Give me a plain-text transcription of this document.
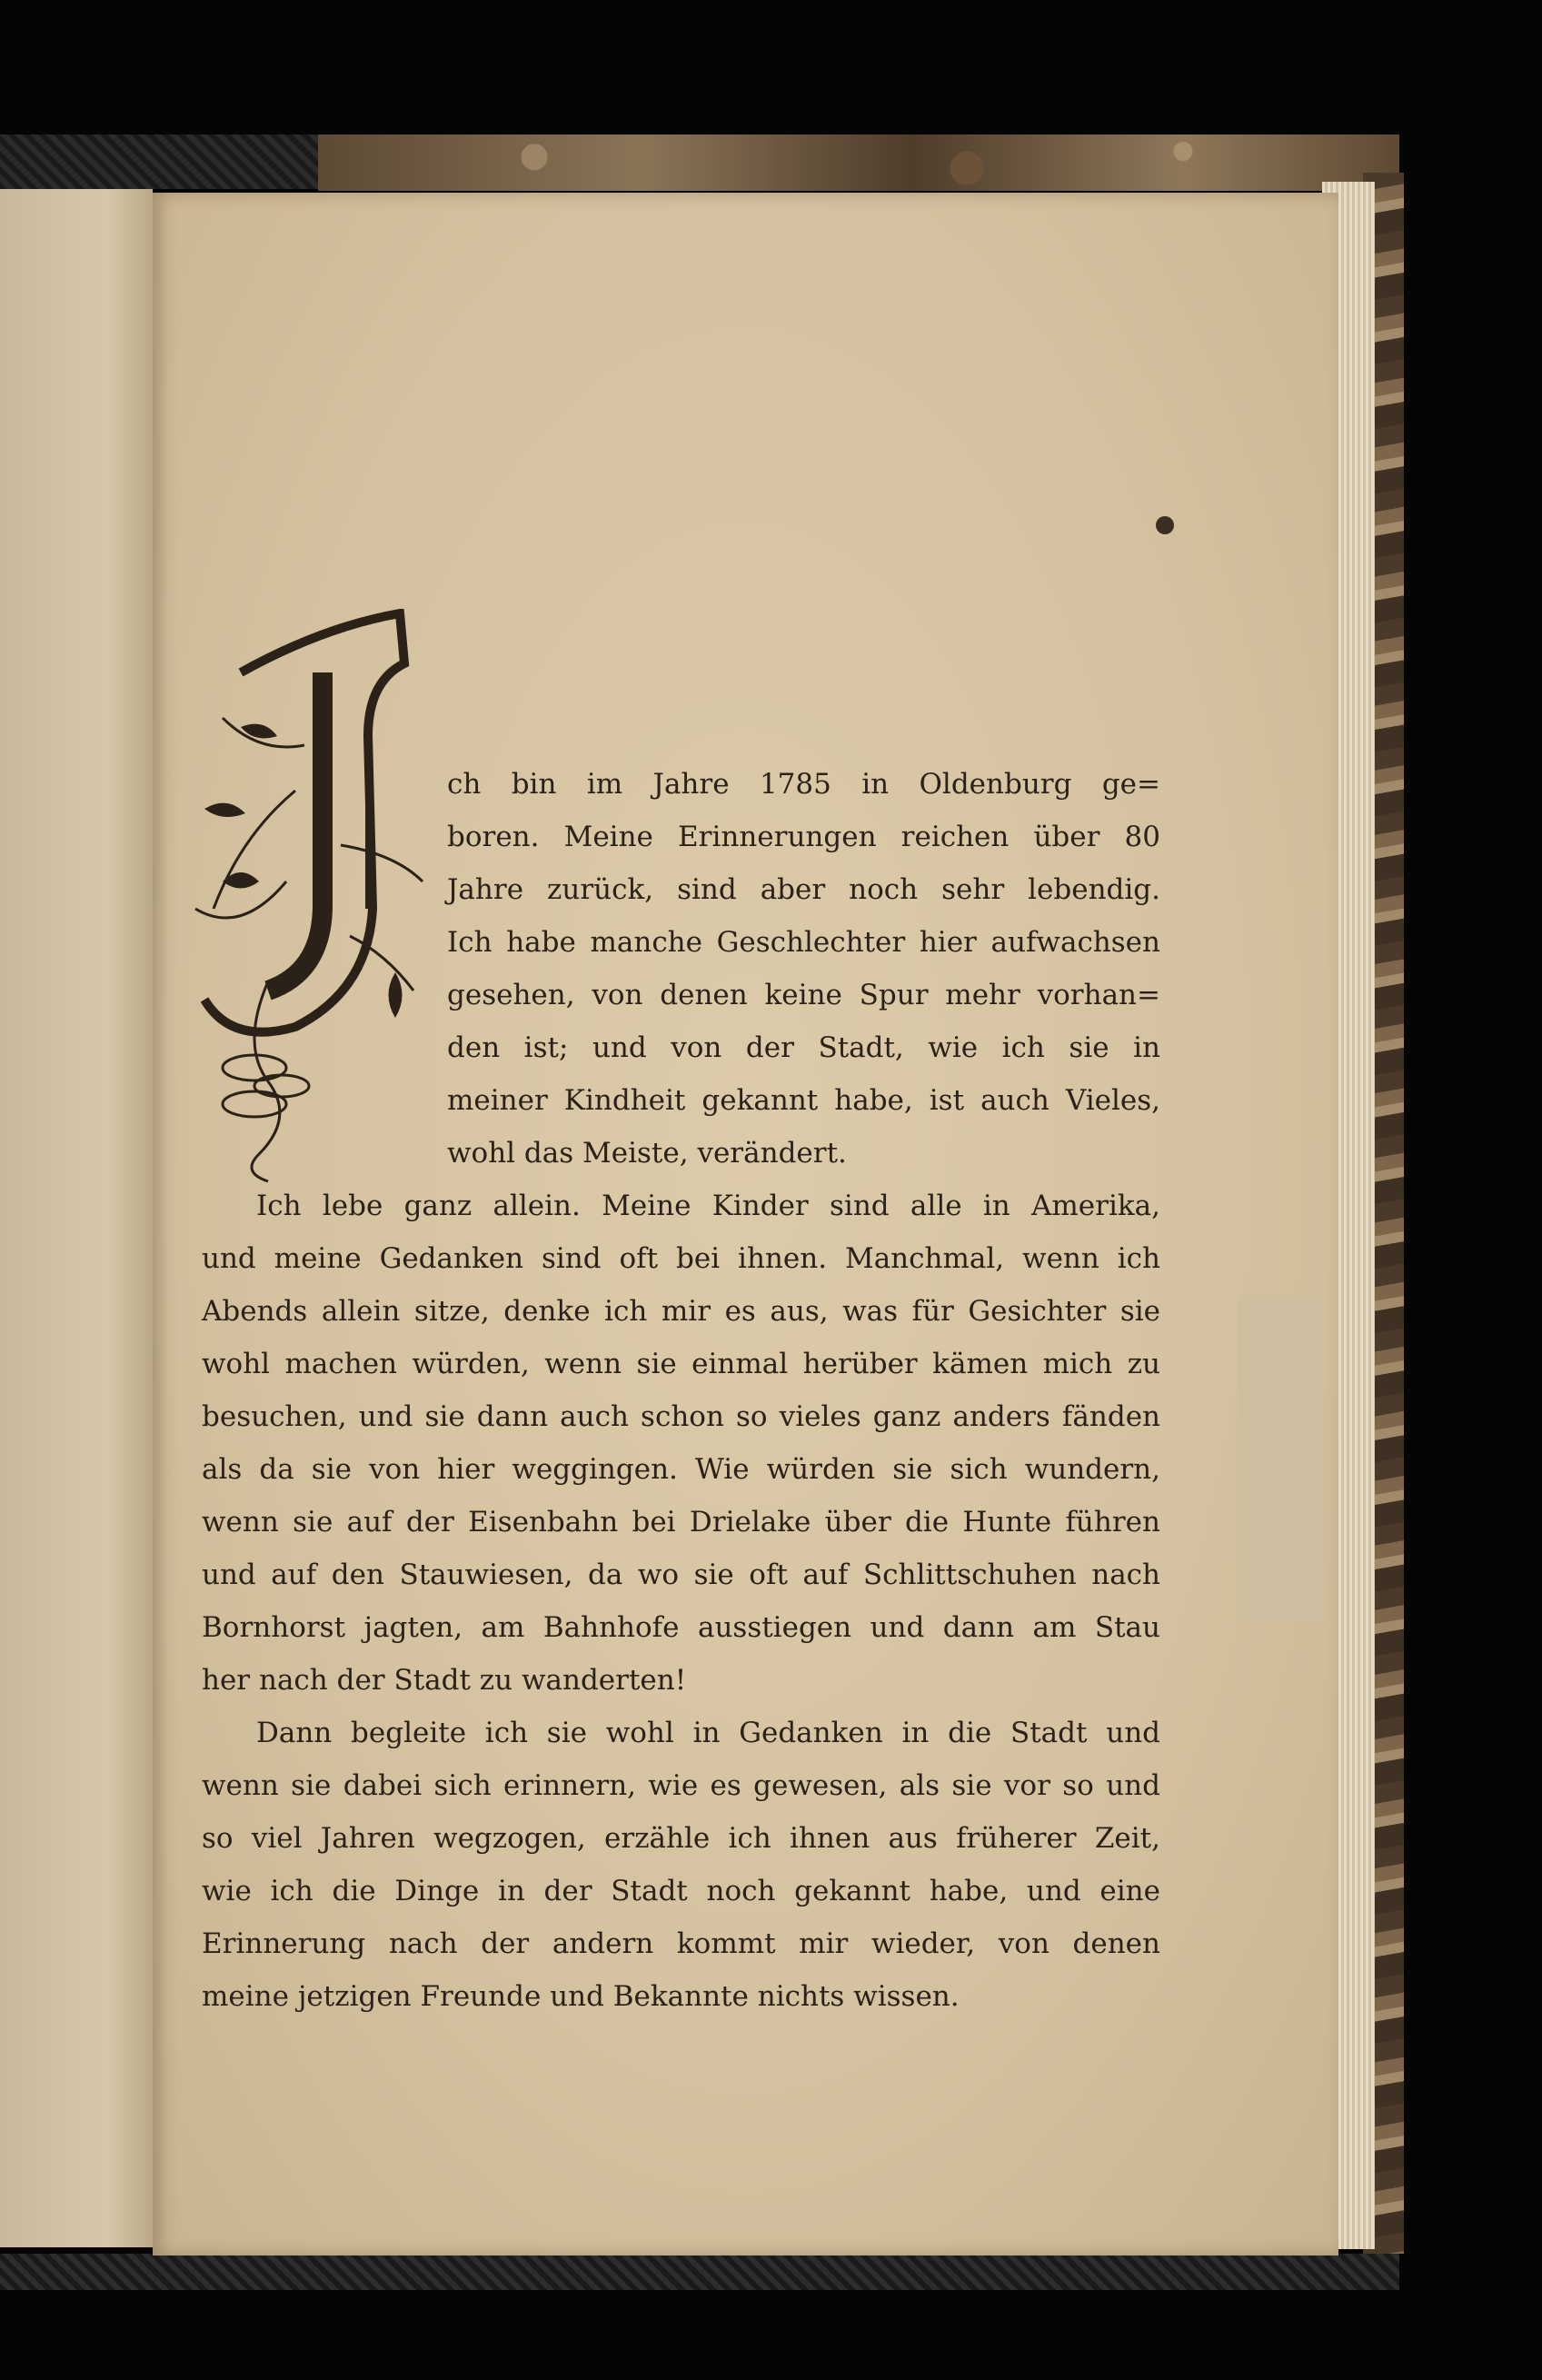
ch bin im Jahre 1785 in Oldenburg ge=
boren. Meine Erinnerungen reichen über 80
Jahre zurück, sind aber noch sehr lebendig.
Ich habe manche Geschlechter hier aufwachsen
gesehen, von denen keine Spur mehr vorhan=
den ist; und von der Stadt, wie ich sie in
meiner Kindheit gekannt habe, ist auch Vieles,
wohl das Meiste, verändert.
Ich lebe ganz allein. Meine Kinder sind alle in Amerika,
und meine Gedanken sind oft bei ihnen. Manchmal, wenn ich
Abends allein sitze, denke ich mir es aus, was für Gesichter sie
wohl machen würden, wenn sie einmal herüber kämen mich zu
besuchen, und sie dann auch schon so vieles ganz anders fänden
als da sie von hier weggingen. Wie würden sie sich wundern,
wenn sie auf der Eisenbahn bei Drielake über die Hunte führen
und auf den Stauwiesen, da wo sie oft auf Schlittschuhen nach
Bornhorst jagten, am Bahnhofe ausstiegen und dann am Stau
her nach der Stadt zu wanderten!
Dann begleite ich sie wohl in Gedanken in die Stadt und
wenn sie dabei sich erinnern, wie es gewesen, als sie vor so und
so viel Jahren wegzogen, erzähle ich ihnen aus früherer Zeit,
wie ich die Dinge in der Stadt noch gekannt habe, und eine
Erinnerung nach der andern kommt mir wieder, von denen
meine jetzigen Freunde und Bekannte nichts wissen.
